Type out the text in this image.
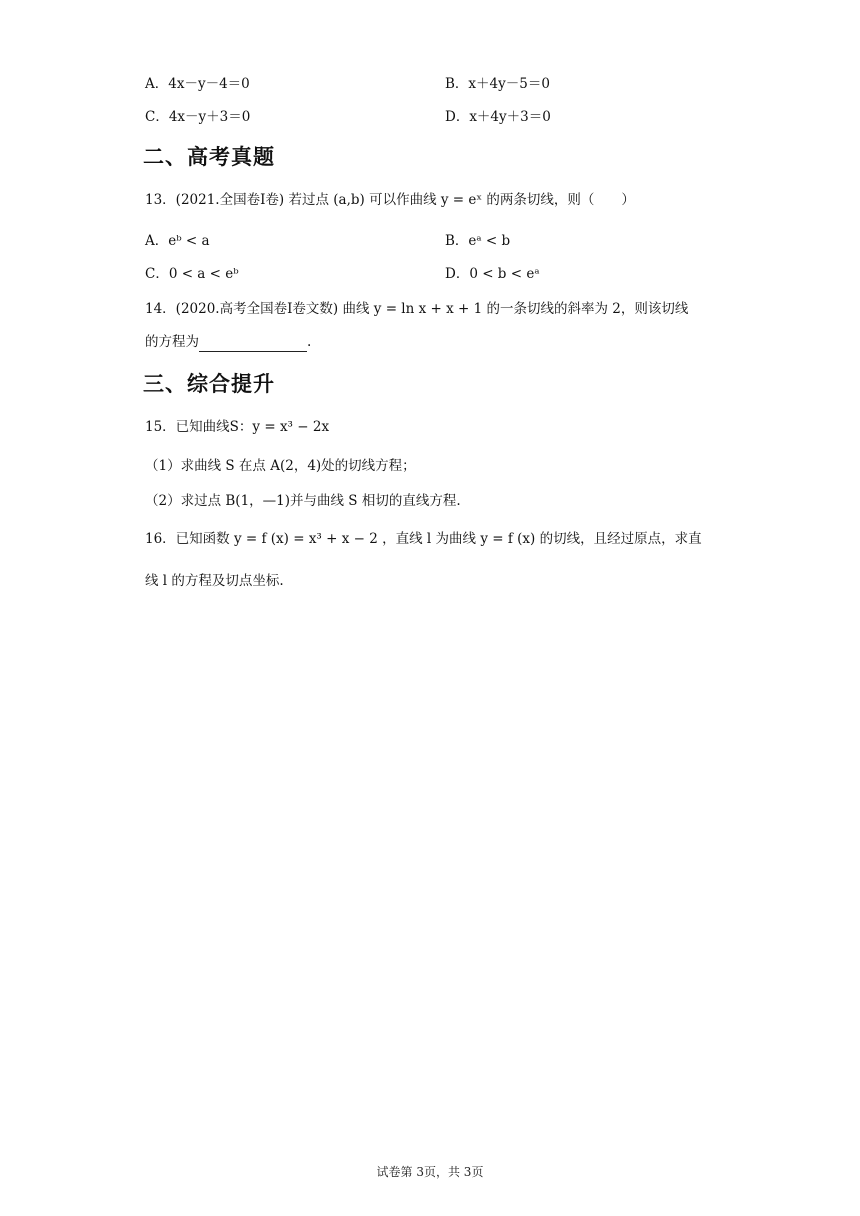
A．4x－y－4＝0	B．x＋4y－5＝0
C．4x－y＋3＝0	D．x＋4y＋3＝0
二、高考真题
13．(2021.全国卷Ⅰ卷) 若过点 (a,b) 可以作曲线 y = eˣ 的两条切线，则（　　）
A．eᵇ < a	B．eᵃ < b
C．0 < a < eᵇ	D．0 < b < eᵃ
14．(2020.高考全国卷Ⅰ卷文数) 曲线 y = ln x + x + 1 的一条切线的斜率为 2，则该切线
的方程为	.
三、综合提升
15．已知曲线S：y = x³ − 2x
（1）求曲线 S 在点 A(2，4)处的切线方程；
（2）求过点 B(1，—1)并与曲线 S 相切的直线方程.
16．已知函数 y = f (x) = x³ + x − 2 ，直线 l 为曲线 y = f (x) 的切线，且经过原点，求直
线 l 的方程及切点坐标.
试卷第 3页，共 3页
